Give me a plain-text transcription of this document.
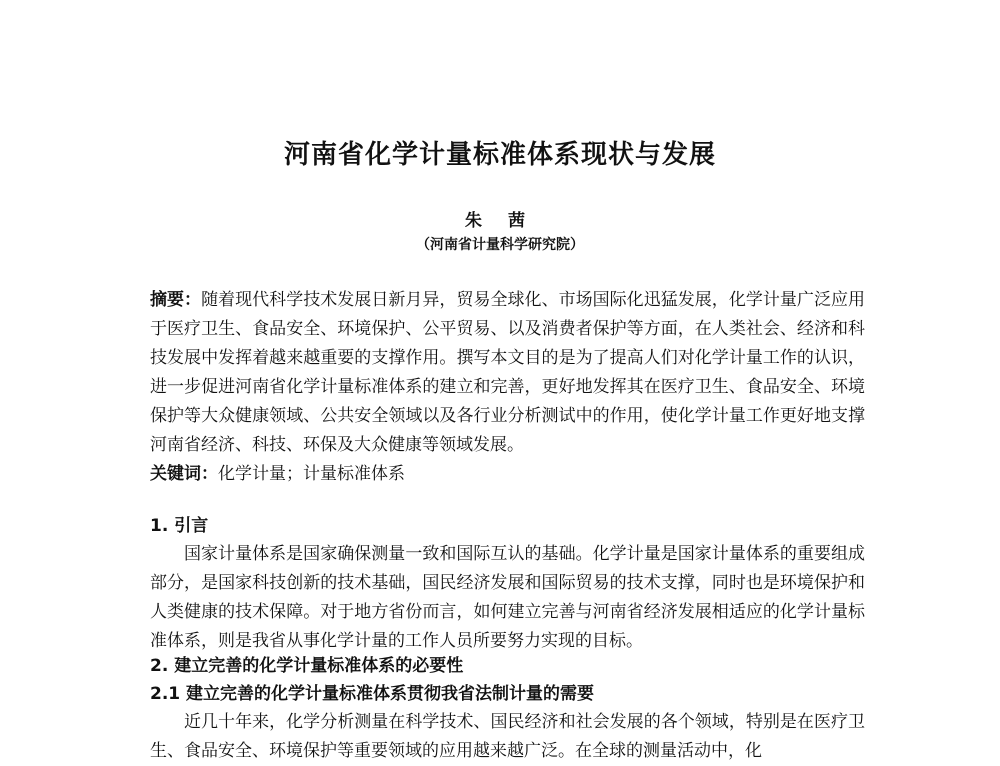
河南省化学计量标准体系现状与发展
朱 茜
（河南省计量科学研究院）
摘要：随着现代科学技术发展日新月异，贸易全球化、市场国际化迅猛发展，化学计量广泛应用于医疗卫生、食品安全、环境保护、公平贸易、以及消费者保护等方面，在人类社会、经济和科技发展中发挥着越来越重要的支撑作用。撰写本文目的是为了提高人们对化学计量工作的认识，进一步促进河南省化学计量标准体系的建立和完善，更好地发挥其在医疗卫生、食品安全、环境保护等大众健康领域、公共安全领域以及各行业分析测试中的作用，使化学计量工作更好地支撑河南省经济、科技、环保及大众健康等领域发展。
关键词：化学计量；计量标准体系
1. 引言
国家计量体系是国家确保测量一致和国际互认的基础。化学计量是国家计量体系的重要组成部分，是国家科技创新的技术基础，国民经济发展和国际贸易的技术支撑，同时也是环境保护和人类健康的技术保障。对于地方省份而言，如何建立完善与河南省经济发展相适应的化学计量标准体系，则是我省从事化学计量的工作人员所要努力实现的目标。
2. 建立完善的化学计量标准体系的必要性
2.1 建立完善的化学计量标准体系贯彻我省法制计量的需要
近几十年来，化学分析测量在科学技术、国民经济和社会发展的各个领域，特别是在医疗卫生、食品安全、环境保护等重要领域的应用越来越广泛。在全球的测量活动中，化
